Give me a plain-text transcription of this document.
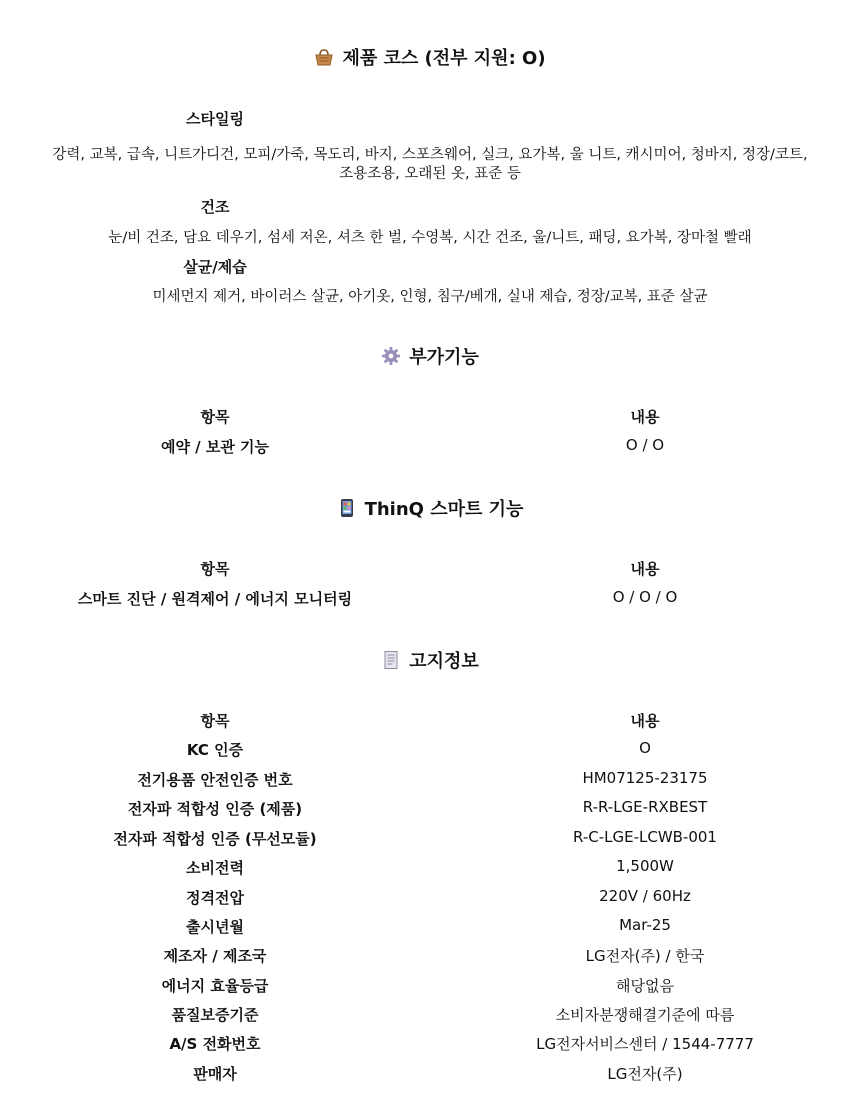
제품 코스 (전부 지원: O)
스타일링
강력, 교복, 급속, 니트가디건, 모피/가죽, 목도리, 바지, 스포츠웨어, 실크, 요가복, 울 니트, 캐시미어, 청바지, 정장/코트,
조용조용, 오래된 옷, 표준 등
건조
눈/비 건조, 담요 데우기, 섬세 저온, 셔츠 한 벌, 수영복, 시간 건조, 울/니트, 패딩, 요가복, 장마철 빨래
살균/제습
미세먼지 제거, 바이러스 살균, 아기옷, 인형, 침구/베개, 실내 제습, 정장/교복, 표준 살균
부가기능
항목	내용
예약 / 보관 기능	O / O
ThinQ 스마트 기능
항목	내용
스마트 진단 / 원격제어 / 에너지 모니터링	O / O / O
고지정보
항목	내용
KC 인증	O
전기용품 안전인증 번호	HM07125-23175
전자파 적합성 인증 (제품)	R-R-LGE-RXBEST
전자파 적합성 인증 (무선모듈)	R-C-LGE-LCWB-001
소비전력	1,500W
정격전압	220V / 60Hz
출시년월	Mar-25
제조자 / 제조국	LG전자(주) / 한국
에너지 효율등급	해당없음
품질보증기준	소비자분쟁해결기준에 따름
A/S 전화번호	LG전자서비스센터 / 1544-7777
판매자	LG전자(주)
